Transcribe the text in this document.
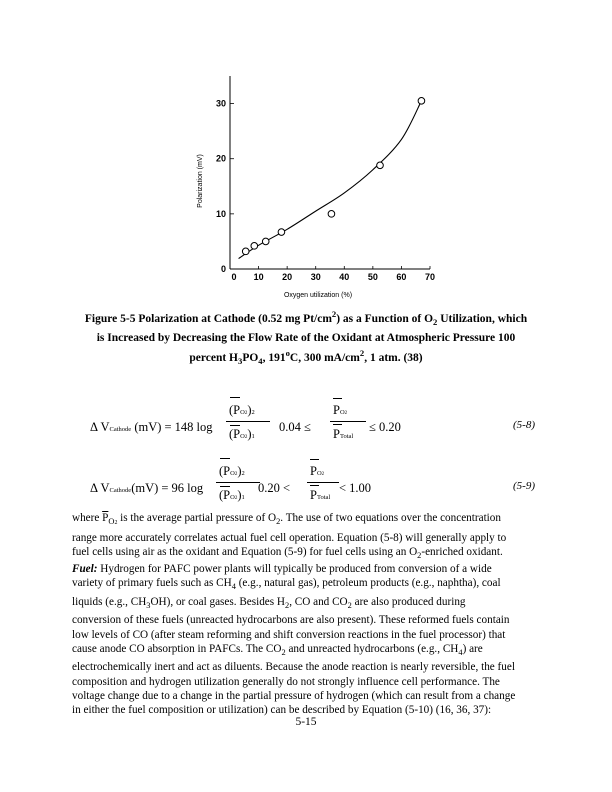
0 10 20 30 40 50 60 70
0
10
20
30
Oxygen utilization (%)
Polarization (mV)
Figure 5-5 Polarization at Cathode (0.52 mg $Pt/cm^2$) as a Function of $O_2$ Utilization, which
is Increased by Decreasing the Flow Rate of the Oxidant at Atmospheric Pressure 100
percent $H_3PO_4$, 191$^o$C, 300 $mA/cm^2$, 1 atm. (38)
Δ VCathode (mV) = 148 log
(PO2)2
(PO2)1
0.04 ≤
PO2
PTotal
≤ 0.20	(5-8)
Δ VCathode(mV) = 96 log
(PO2)2
(PO2)1
0.20 <
PO2
PTotal
< 1.00	(5-9)
where $\overline{P}_{O2}$ is the average partial pressure of $O_2$. The use of two equations over the concentration
range more accurately correlates actual fuel cell operation. Equation (5-8) will generally apply to
fuel cells using air as the oxidant and Equation (5-9) for fuel cells using an $O_2$-enriched oxidant.
Fuel: Hydrogen for PAFC power plants will typically be produced from conversion of a wide
variety of primary fuels such as $CH_4$ (e.g., natural gas), petroleum products (e.g., naphtha), coal
liquids (e.g., $CH_3OH$), or coal gases. Besides $H_2$, CO and $CO_2$ are also produced during
conversion of these fuels (unreacted hydrocarbons are also present). These reformed fuels contain
low levels of CO (after steam reforming and shift conversion reactions in the fuel processor) that
cause anode CO absorption in PAFCs. The $CO_2$ and unreacted hydrocarbons (e.g., $CH_4$) are
electrochemically inert and act as diluents. Because the anode reaction is nearly reversible, the fuel
composition and hydrogen utilization generally do not strongly influence cell performance. The
voltage change due to a change in the partial pressure of hydrogen (which can result from a change
in either the fuel composition or utilization) can be described by Equation (5-10) (16, 36, 37):
5-15
